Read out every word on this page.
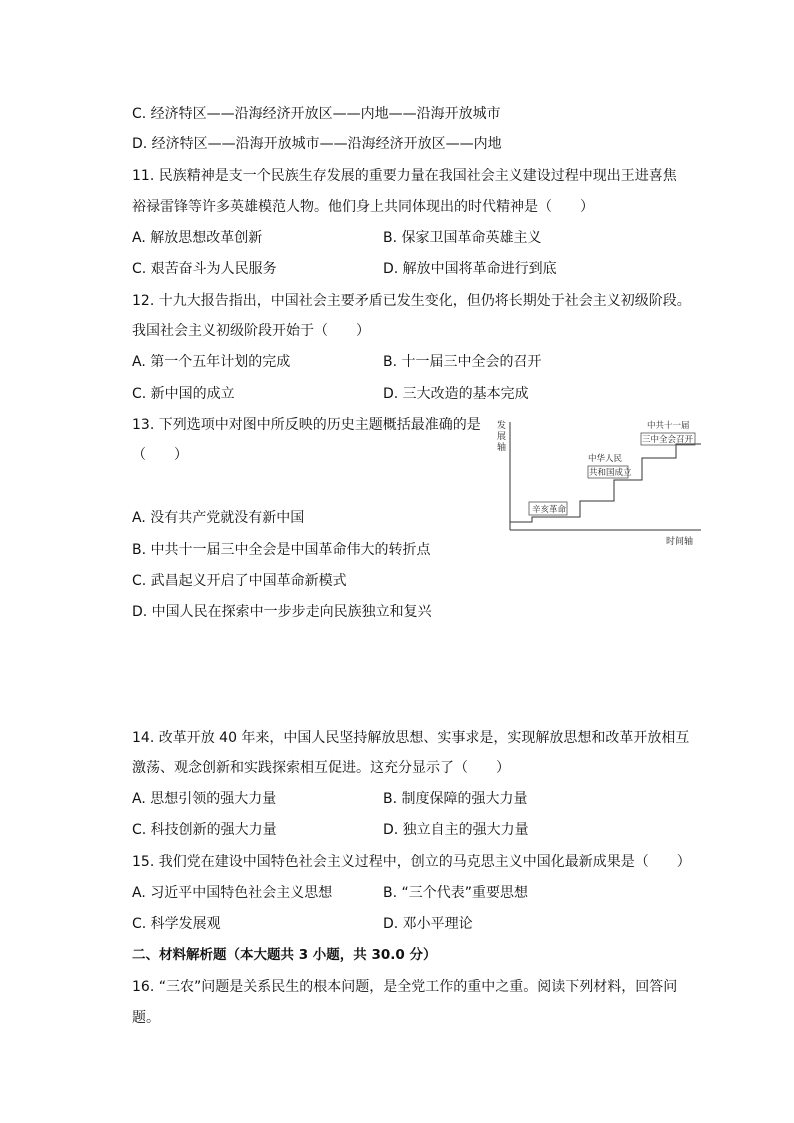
C. 经济特区——沿海经济开放区——内地——沿海开放城市
D. 经济特区——沿海开放城市——沿海经济开放区——内地
11. 民族精神是支一个民族生存发展的重要力量在我国社会主义建设过程中现出王进喜焦
裕禄雷锋等许多英雄模范人物。他们身上共同体现出的时代精神是（　　）
A. 解放思想改革创新	B. 保家卫国革命英雄主义
C. 艰苦奋斗为人民服务	D. 解放中国将革命进行到底
12. 十九大报告指出，中国社会主要矛盾已发生变化，但仍将长期处于社会主义初级阶段。
我国社会主义初级阶段开始于（　　）
A. 第一个五年计划的完成	B. 十一届三中全会的召开
C. 新中国的成立	D. 三大改造的基本完成
13. 下列选项中对图中所反映的历史主题概括最准确的是
（　　）
A. 没有共产党就没有新中国
B. 中共十一届三中全会是中国革命伟大的转折点
C. 武昌起义开启了中国革命新模式
D. 中国人民在探索中一步步走向民族独立和复兴
发
展
轴
辛亥革命
中华人民
共和国成立
中共十一届
三中全会召开
时间轴
14. 改革开放 40 年来，中国人民坚持解放思想、实事求是，实现解放思想和改革开放相互
激荡、观念创新和实践探索相互促进。这充分显示了（　　）
A. 思想引领的强大力量	B. 制度保障的强大力量
C. 科技创新的强大力量	D. 独立自主的强大力量
15. 我们党在建设中国特色社会主义过程中，创立的马克思主义中国化最新成果是（　　）
A. 习近平中国特色社会主义思想	B. “三个代表”重要思想
C. 科学发展观	D. 邓小平理论
二、材料解析题（本大题共 3 小题，共 30.0 分）
16. “三农”问题是关系民生的根本问题，是全党工作的重中之重。阅读下列材料，回答问
题。
